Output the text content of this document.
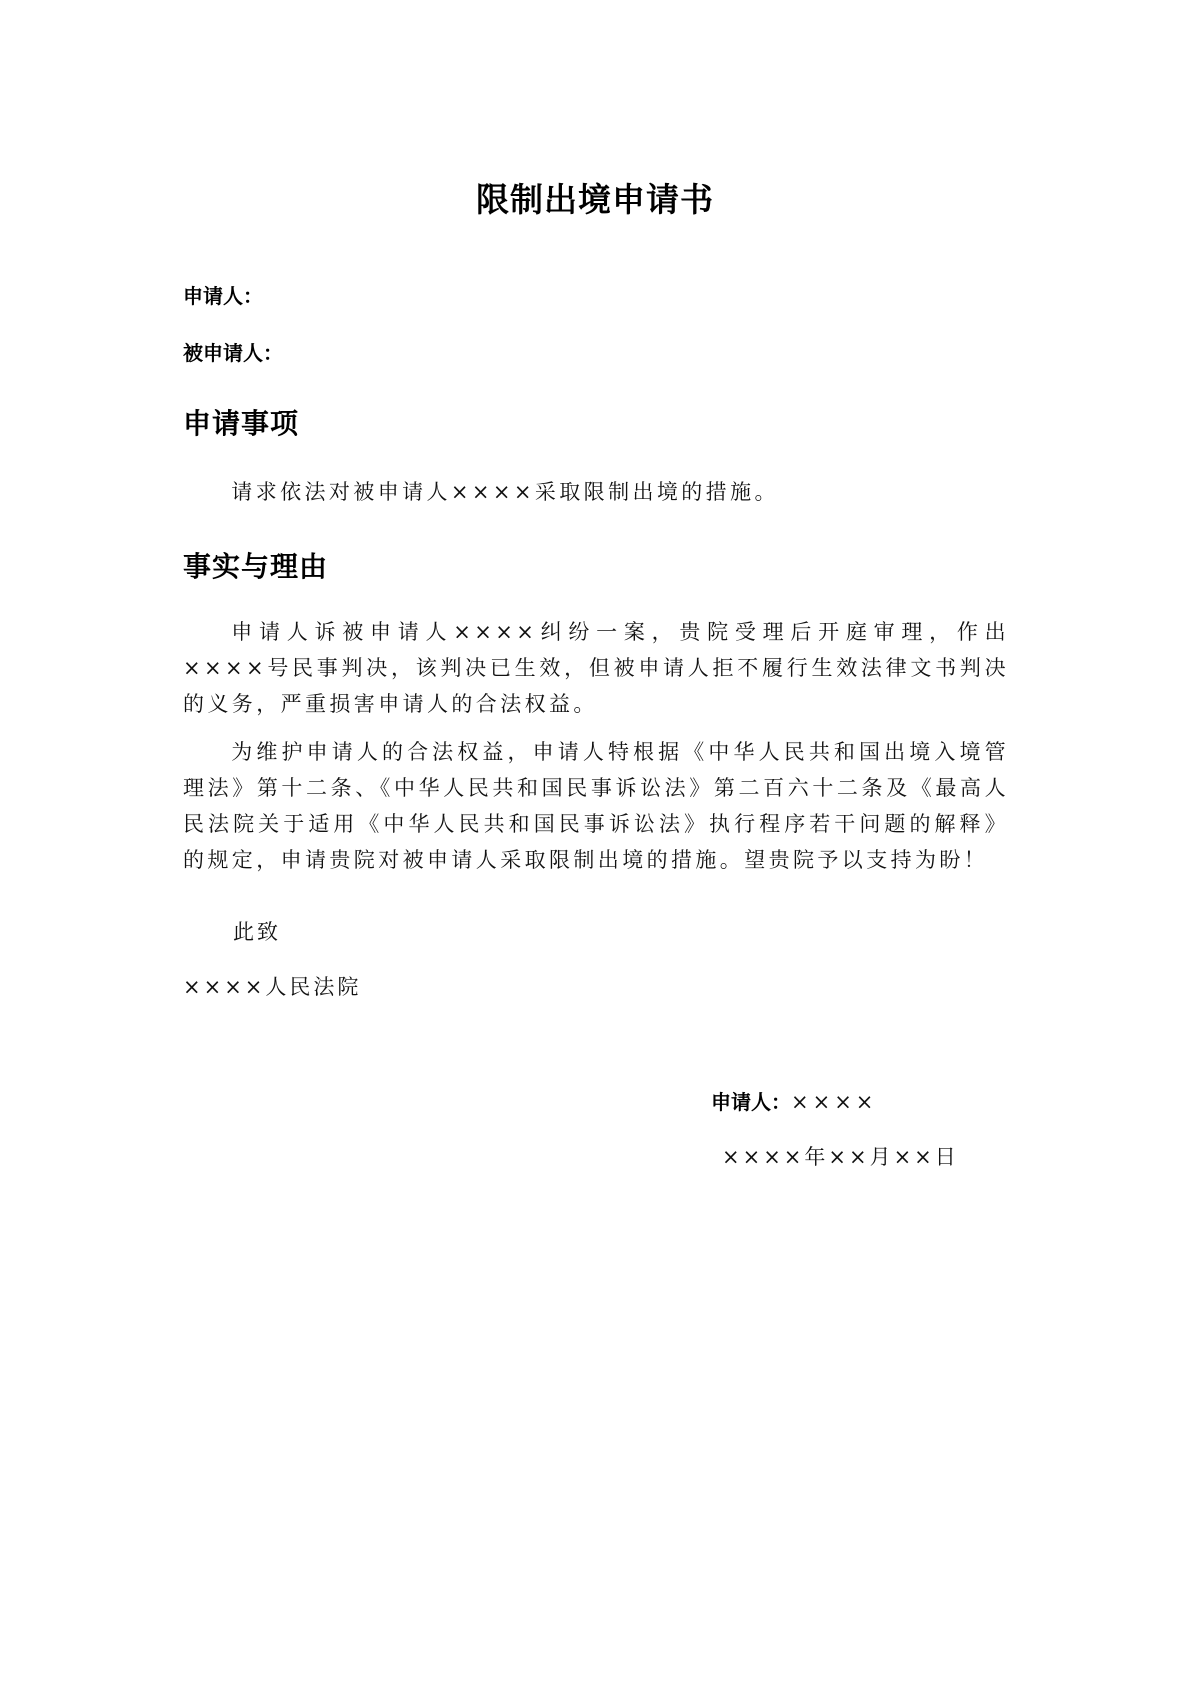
限制出境申请书
申请人：
被申请人：
申请事项

请求依法对被申请人××××采取限制出境的措施。

事实与理由

申请人诉被申请人××××纠纷一案，贵院受理后开庭审理，作出××××号民事判决，该判决已生效，但被申请人拒不履行生效法律文书判决的义务，严重损害申请人的合法权益。

为维护申请人的合法权益，申请人特根据《中华人民共和国出境入境管理法》第十二条、《中华人民共和国民事诉讼法》第二百六十二条及《最高人民法院关于适用《中华人民共和国民事诉讼法》执行程序若干问题的解释》的规定，申请贵院对被申请人采取限制出境的措施。望贵院予以支持为盼！

此致
××××人民法院
申请人：××××
××××年××月××日
